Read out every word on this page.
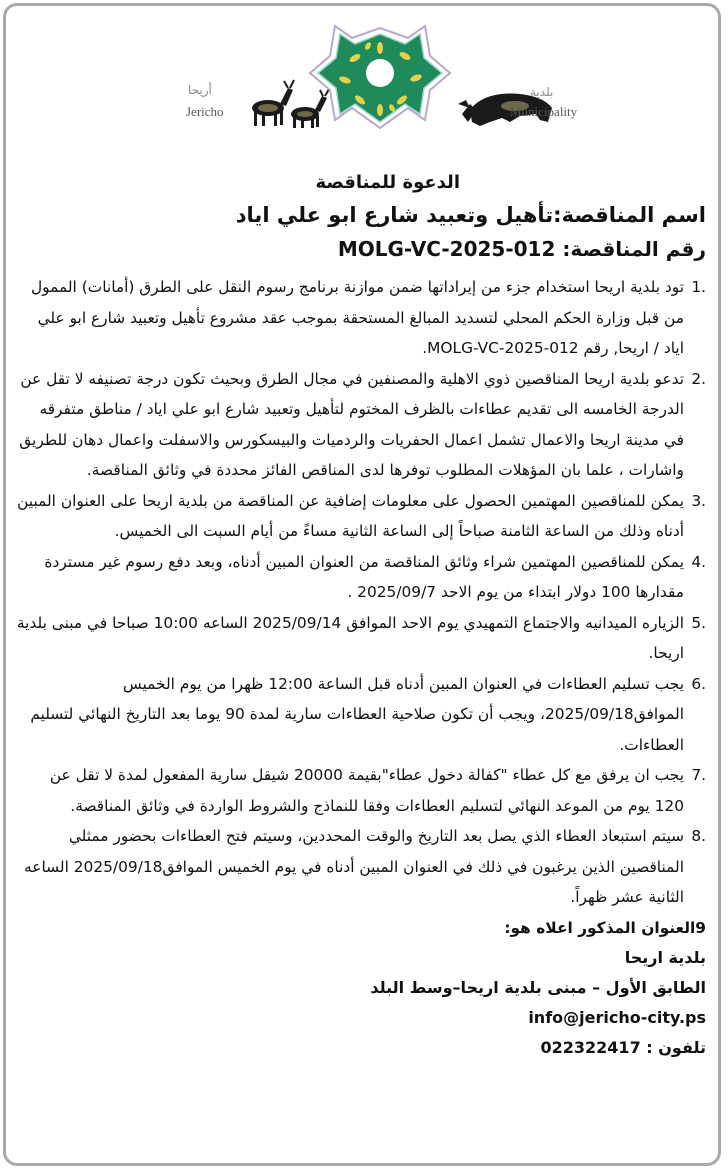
أريحا
Jericho
بلدية
Municipality
الدعوة للمناقصة
اسم المناقصة:تأهيل وتعبيد شارع ابو علي اياد
رقم المناقصة: MOLG-VC-2025-012
1.
تود بلدية اريحا استخدام جزء من إيراداتها ضمن موازنة برنامج رسوم النقل على الطرق (أمانات) الممول من قبل وزارة الحكم المحلي لتسديد المبالغ المستحقة بموجب عقد مشروع تأهيل وتعبيد شارع ابو علي اياد / اريحا, رقم MOLG-VC-2025-012.
2.
تدعو بلدية اريحا المناقصين ذوي الاهلية والمصنفين في مجال الطرق وبحيث تكون درجة تصنيفه لا تقل عن الدرجة الخامسه الى تقديم عطاءات بالظرف المختوم لتأهيل وتعبيد شارع ابو علي اياد / مناطق متفرقه في مدينة اريحا والاعمال تشمل اعمال الحفريات والردميات والبيسكورس والاسفلت واعمال دهان للطريق واشارات ، علما بان المؤهلات المطلوب توفرها لدى المناقص الفائز محددة في وثائق المناقصة.
3.
يمكن للمناقصين المهتمين الحصول على معلومات إضافية عن المناقصة من بلدية اريحا على العنوان المبين أدناه وذلك من الساعة الثامنة صباحاً إلى الساعة الثانية مساءً من أيام السبت الى الخميس.
4.
يمكن للمناقصين المهتمين شراء وثائق المناقصة من العنوان المبين أدناه، وبعد دفع رسوم غير مستردة مقدارها 100 دولار ابتداء من يوم الاحد 2025/09/7 .
5.
الزياره الميدانيه والاجتماع التمهيدي يوم الاحد الموافق 2025/09/14 الساعه 10:00 صباحا في مبنى بلدية اريحا.
6.
يجب تسليم العطاءات في العنوان المبين أدناه قبل الساعة 12:00 ظهرا من يوم الخميس الموافق2025/09/18، ويجب أن تكون صلاحية العطاءات سارية لمدة 90 يوما بعد التاريخ النهائي لتسليم العطاءات.
7.
يجب ان يرفق مع كل عطاء "كفالة دخول عطاء"بقيمة 20000 شيقل سارية المفعول لمدة لا تقل عن 120 يوم من الموعد النهائي لتسليم العطاءات وفقا للنماذج والشروط الواردة في وثائق المناقصة.
8.
سيتم استبعاد العطاء الذي يصل بعد التاريخ والوقت المحددين، وسيتم فتح العطاءات بحضور ممثلي المناقصين الذين يرغبون في ذلك في العنوان المبين أدناه في يوم الخميس الموافق2025/09/18 الساعه الثانية عشر ظهراً.

9العنوان المذكور اعلاه هو:

بلدية اريحا

الطابق الأول – مبنى بلدية اريحا–وسط البلد

info@jericho-city.ps

تلفون : 022322417
